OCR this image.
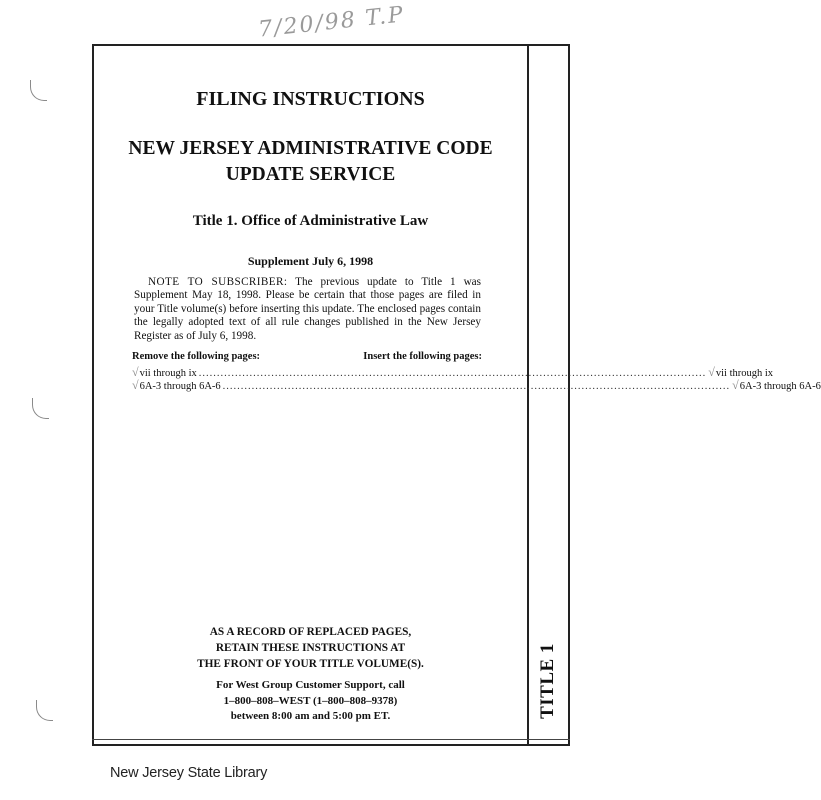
7/20/98 T.P
FILING INSTRUCTIONS
NEW JERSEY ADMINISTRATIVE CODE
UPDATE SERVICE
Title 1. Office of Administrative Law
Supplement July 6, 1998
NOTE TO SUBSCRIBER: The previous update to Title 1 was Supplement May 18, 1998. Please be certain that those pages are filed in your Title volume(s) before inserting this update. The enclosed pages contain the legally adopted text of all rule changes published in the New Jersey Register as of July 6, 1998.
Remove the following pages:	Insert the following pages:
√ vii through ix ............................................................................................................................................ √ vii through ix
√ 6A-3 through 6A-6 ............................................................................................................................................ √ 6A-3 through 6A-6
AS A RECORD OF REPLACED PAGES,
RETAIN THESE INSTRUCTIONS AT
THE FRONT OF YOUR TITLE VOLUME(S).
For West Group Customer Support, call
1–800–808–WEST (1–800–808–9378)
between 8:00 am and 5:00 pm ET.	TITLE 1
New Jersey State Library
